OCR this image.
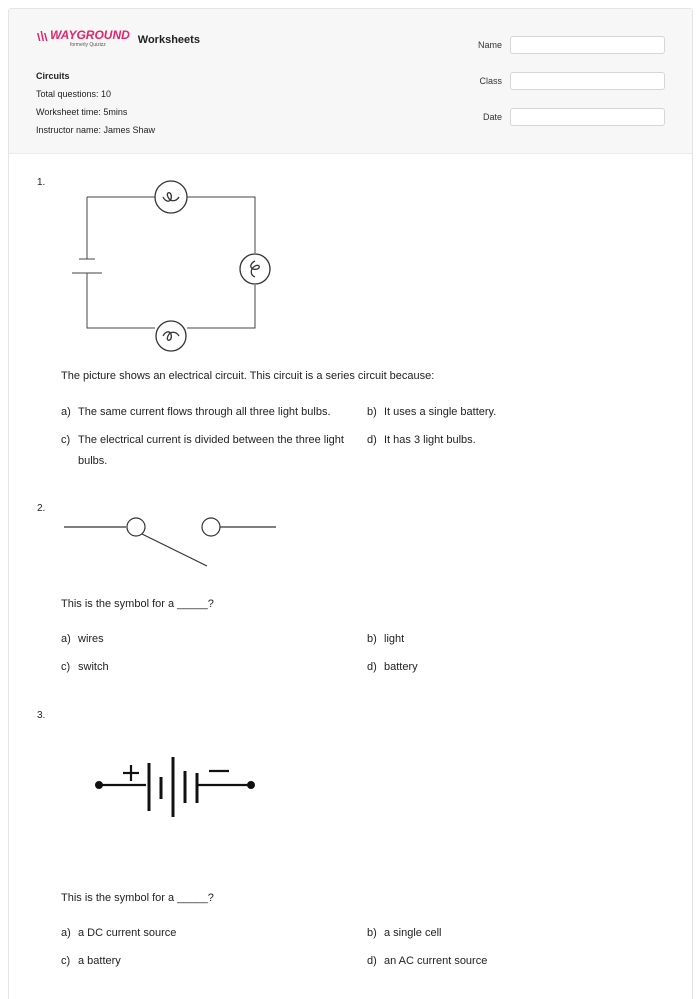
WAYGROUND
formerly Quizizz	Worksheets
Circuits
Total questions: 10
Worksheet time: 5mins
Instructor name: James Shaw
Name
Class
Date
1.
The picture shows an electrical circuit. This circuit is a series circuit because:
a) The same current flows through all three light bulbs.	b) It uses a single battery.
c) The electrical current is divided between the three light bulbs.
d) It has 3 light bulbs.
2.
This is the symbol for a _____?
a) wires	b) light
c) switch	d) battery
3.
This is the symbol for a _____?
a) a DC current source	b) a single cell
c) a battery	d) an AC current source
